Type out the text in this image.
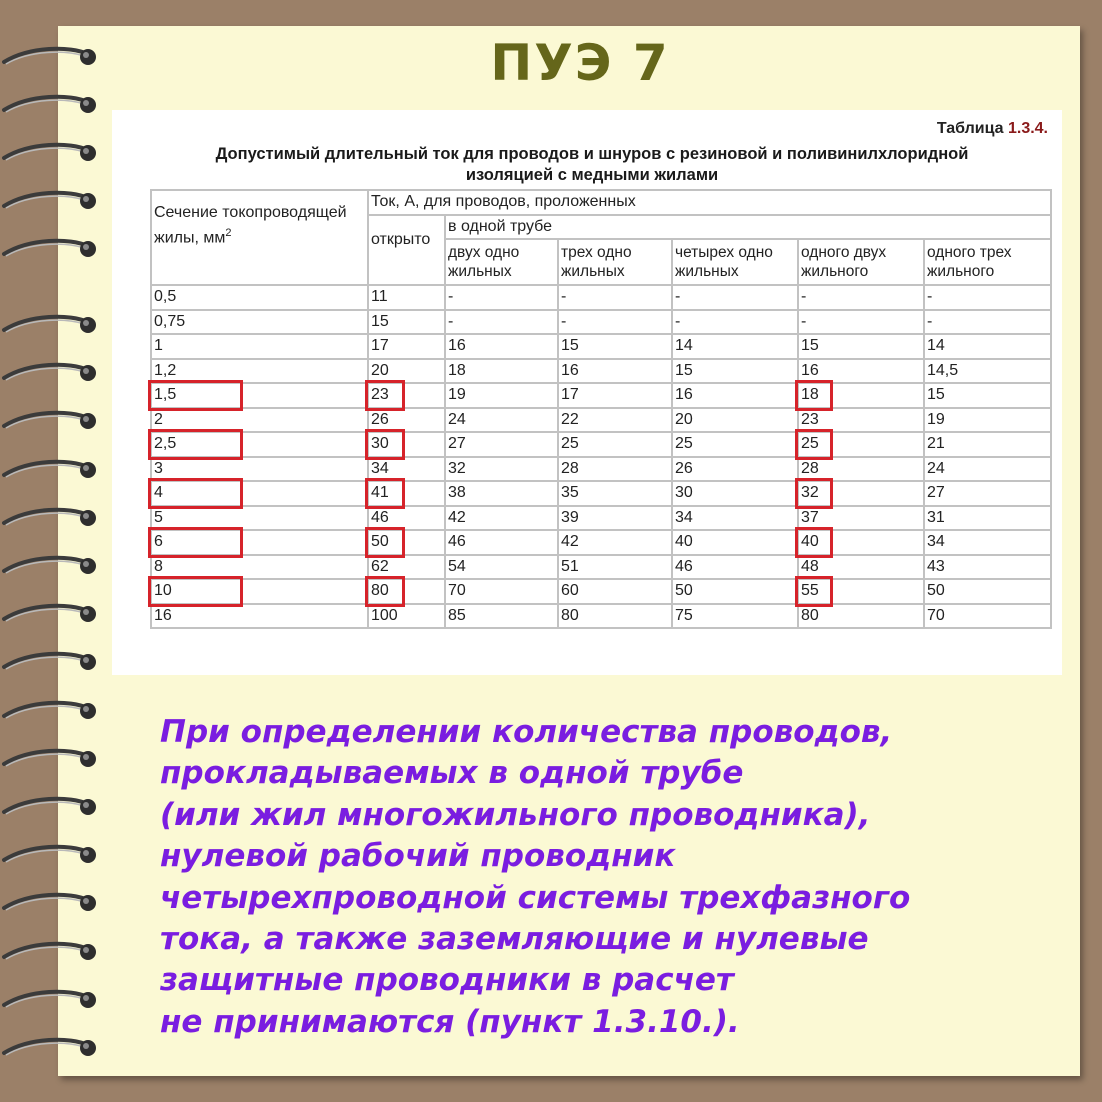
ПУЭ 7
Таблица 1.3.4.
Допустимый длительный ток для проводов и шнуров с резиновой и поливинилхлоридной
изоляцией с медными жилами
Сечение токопроводящей жилы, $мм^2$	Ток, А, для проводов, проложенных					
	открыто	в одной трубе				
		двух одно жильных	трех одно жильных	четырех одно жильных	одного двух жильного	одного трех жильного
0,5	11	-	-	-	-	-
0,75	15	-	-	-	-	-
1	17	16	15	14	15	14
1,2	20	18	16	15	16	14,5
1,5	23	19	17	16	18	15
2	26	24	22	20	23	19
2,5	30	27	25	25	25	21
3	34	32	28	26	28	24
4	41	38	35	30	32	27
5	46	42	39	34	37	31
6	50	46	42	40	40	34
8	62	54	51	46	48	43
10	80	70	60	50	55	50
16	100	85	80	75	80	70
При определении количества проводов,
прокладываемых в одной трубе
(или жил многожильного проводника),
нулевой рабочий проводник
четырехпроводной системы трехфазного
тока, а также заземляющие и нулевые
защитные проводники в расчет
не принимаются (пункт 1.3.10.).
